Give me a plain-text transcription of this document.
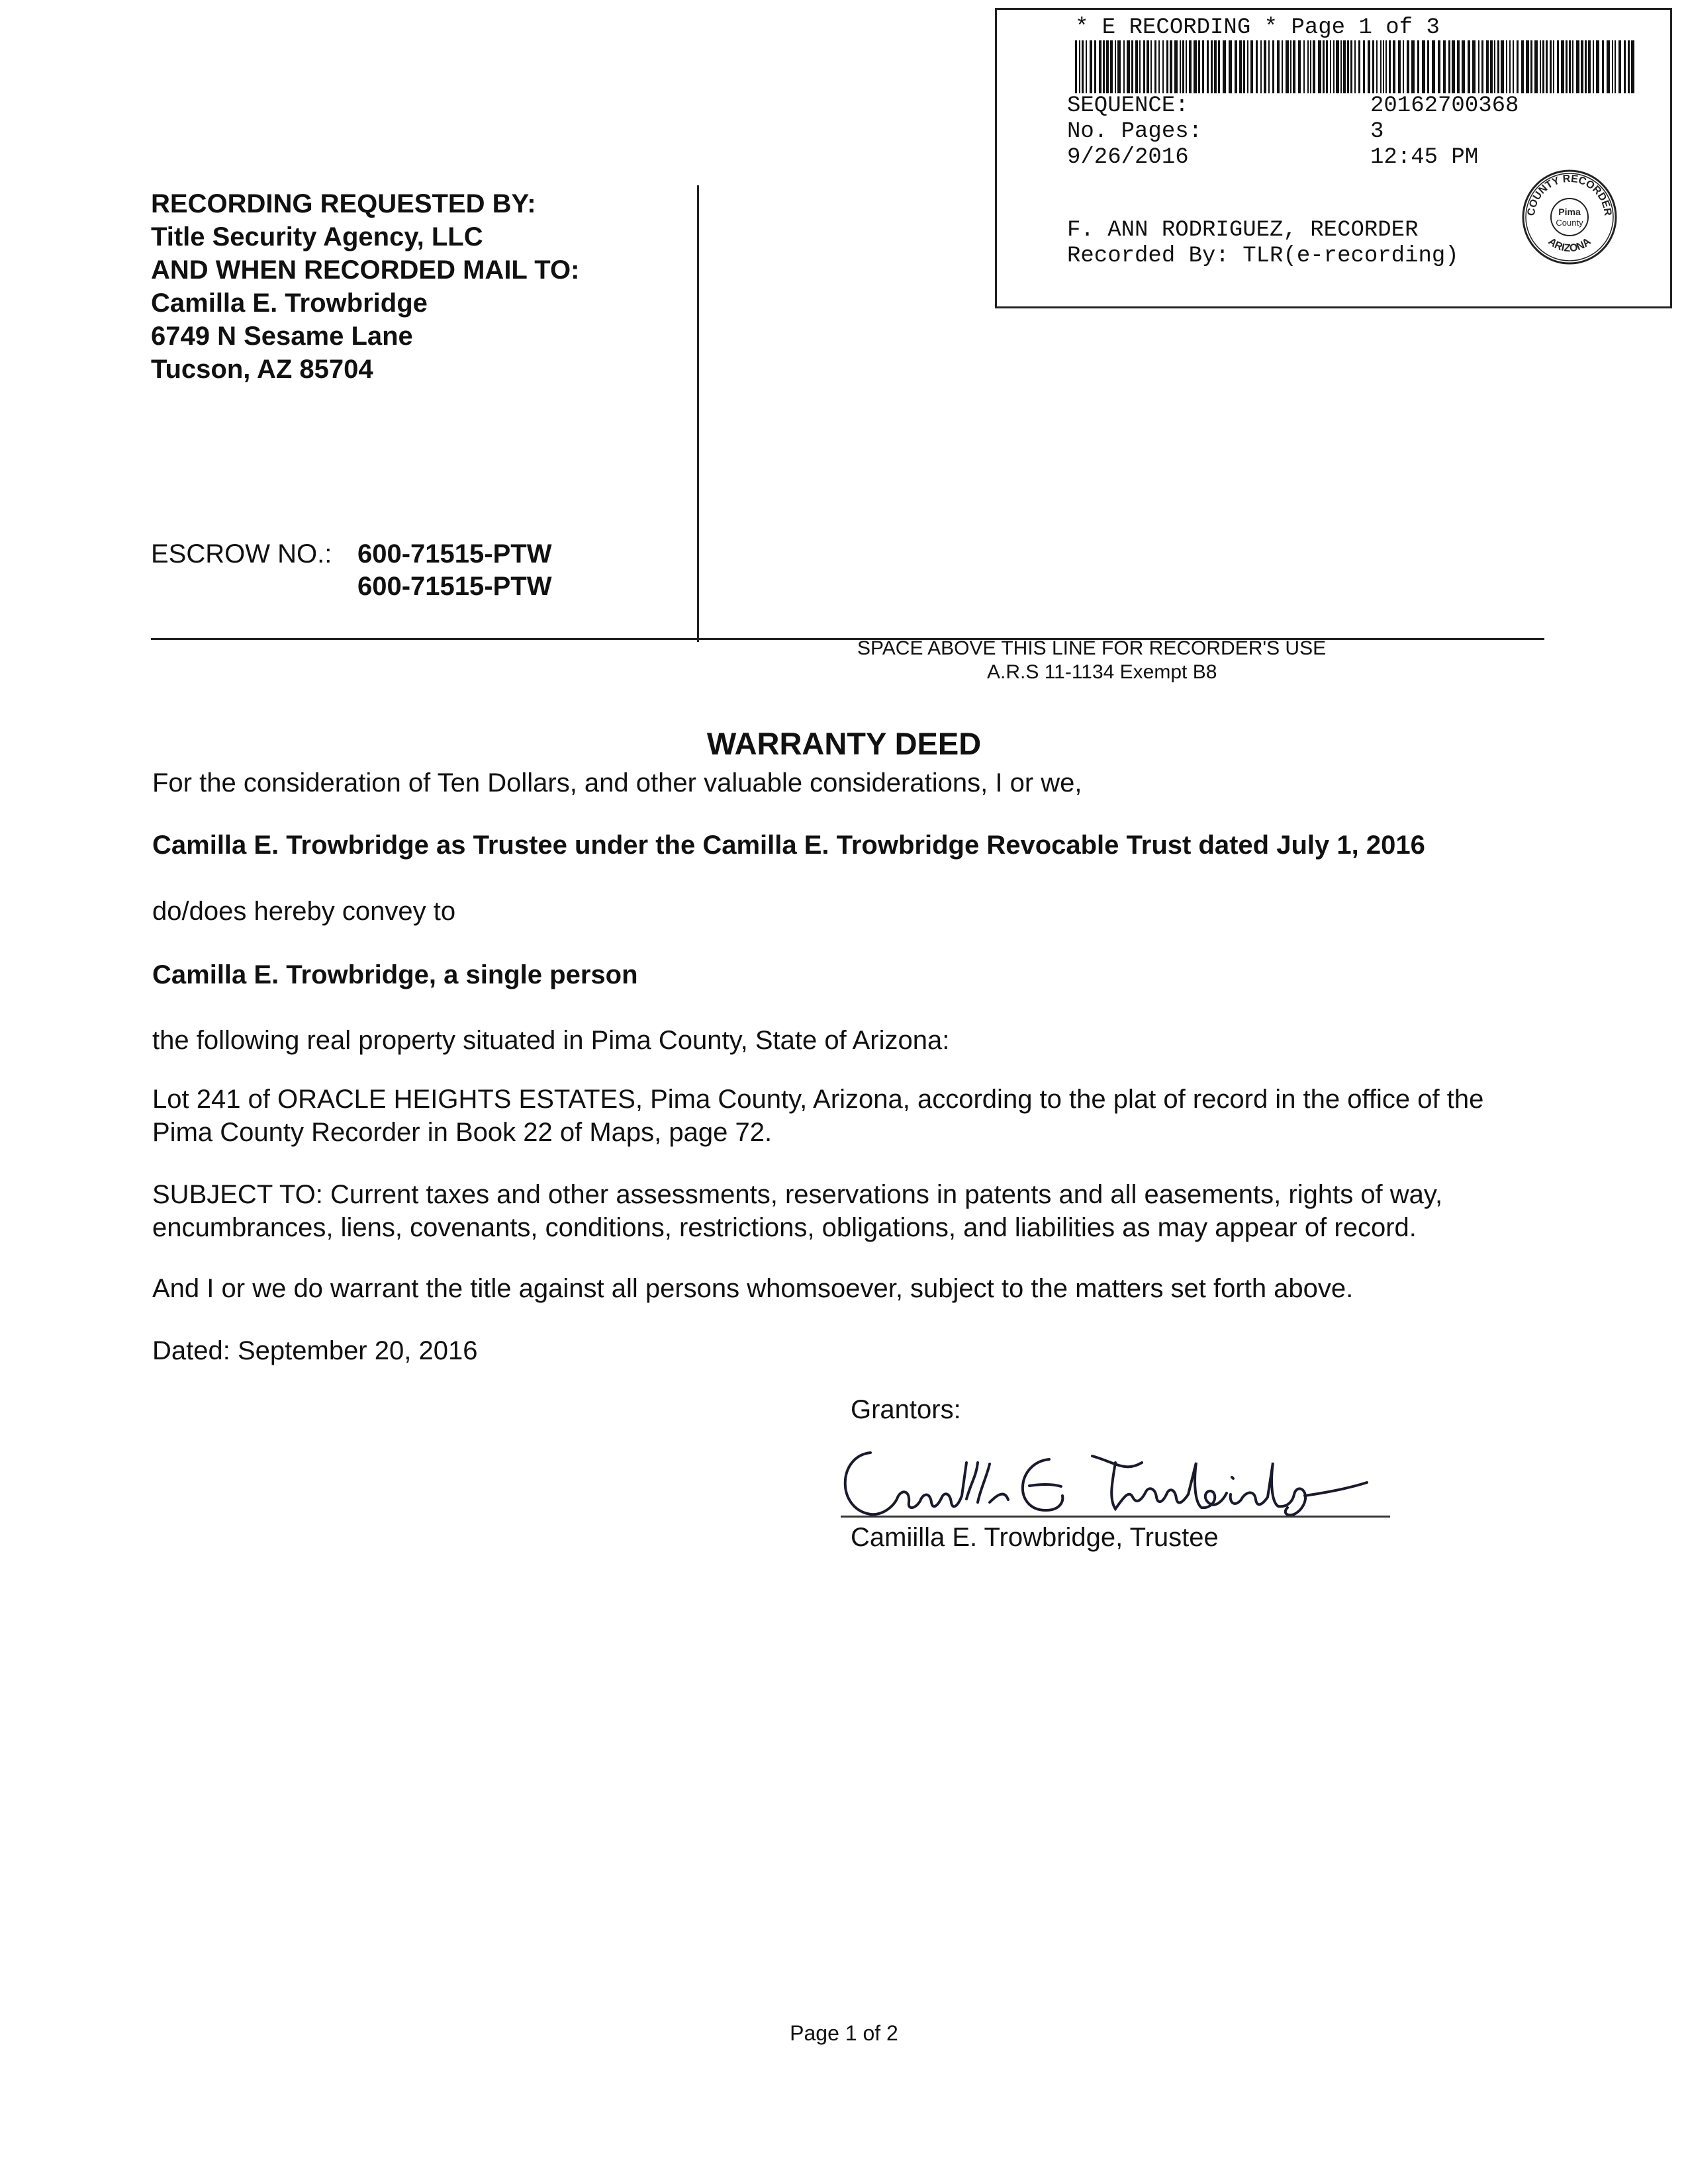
* E RECORDING * Page 1 of 3
SEQUENCE:	20162700368
No. Pages:	3
9/26/2016	12:45 PM
F. ANN RODRIGUEZ, RECORDER
Recorded By: TLR(e-recording)
COUNTY RECORDER
ARIZONA
Pima
County
RECORDING REQUESTED BY:
Title Security Agency, LLC
AND WHEN RECORDED MAIL TO:
Camilla E. Trowbridge
6749 N Sesame Lane
Tucson, AZ 85704
ESCROW NO.: 600-71515-PTW
600-71515-PTW
SPACE ABOVE THIS LINE FOR RECORDER'S USE
A.R.S 11-1134 Exempt B8
WARRANTY DEED
For the consideration of Ten Dollars, and other valuable considerations, I or we,
Camilla E. Trowbridge as Trustee under the Camilla E. Trowbridge Revocable Trust dated July 1, 2016
do/does hereby convey to
Camilla E. Trowbridge, a single person
the following real property situated in Pima County, State of Arizona:
Lot 241 of ORACLE HEIGHTS ESTATES, Pima County, Arizona, according to the plat of record in the office of the Pima County Recorder in Book 22 of Maps, page 72.
SUBJECT TO: Current taxes and other assessments, reservations in patents and all easements, rights of way, encumbrances, liens, covenants, conditions, restrictions, obligations, and liabilities as may appear of record.
And I or we do warrant the title against all persons whomsoever, subject to the matters set forth above.
Dated: September 20, 2016
Grantors:
Camiilla E. Trowbridge, Trustee
Page 1 of 2
